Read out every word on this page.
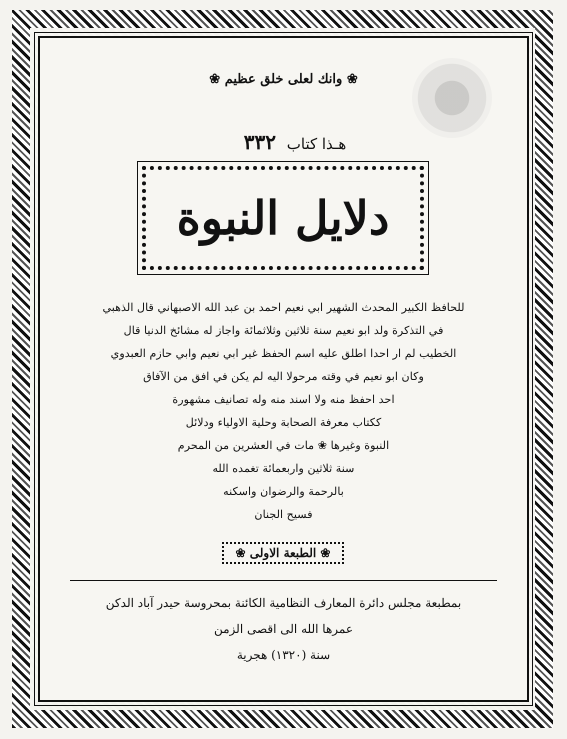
❀ وانك لعلى خلق عظيم ❀
هـذا كتاب ٣٣٢
دلايل النبوة
للحافظ الكبير المحدث الشهير ابي نعيم احمد بن عبد الله الاصبهاني قال الذهبي
في التذكرة ولد ابو نعيم سنة ثلاثين وثلاثمائة واجاز له مشائخ الدنيا قال
الخطيب لم ار احدا اطلق عليه اسم الحفظ غير ابي نعيم وابي حازم العبدوي
وكان ابو نعيم في وقته مرحولا اليه لم يكن في افق من الآفاق
احد احفظ منه ولا اسند منه وله تصانيف مشهورة
ككتاب معرفة الصحابة وحلية الاولياء ودلائل
النبوة وغيرها ❀ مات في العشرين من المحرم
سنة ثلاثين واربعمائة تغمده الله
بالرحمة والرضوان واسكنه
فسيح الجنان
❀ الطبعة الاولى ❀
بمطبعة مجلس دائرة المعارف النظامية الكائنة بمحروسة حيدر آباد الدكن
عمرها الله الى اقصى الزمن
سنة (١٣٢٠) هجرية
